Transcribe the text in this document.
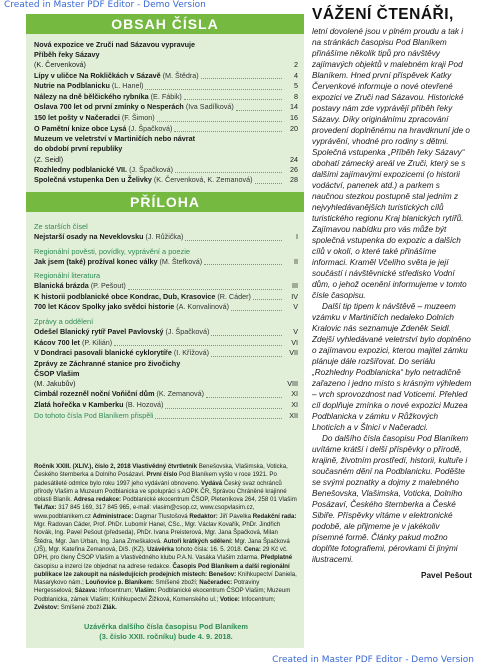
Created in Master PDF Editor - Demo Version
OBSAH ČÍSLA
Nová expozice ve Zruči nad Sázavou vypravuje
Příběh řeky Sázavy
(K. Červenková)	2
Lípy v uličce Na Rokličkách v Sázavě (M. Štědra)	4
Nutrie na Podblanicku (L. Hanel)	5
Nálezy na dně bělčického rybníka (E. Fábik)	8
Oslava 700 let od první zmínky o Nesperách (Iva Sadílková)	14
150 let pošty v Načeradci (F. Šimon)	16
O Pamětní knize obce Lysá (J. Špačková)	20
Muzeum ve veletrství v Martiničích nebo návrat
do období první republiky
(Z. Seidl)	24
Rozhledny podblanické VII. (J. Špačková)	26
Společná vstupenka Den u Želivky (K. Červenková, K. Zemanová)	28
PŘÍLOHA
Ze starších čísel
Nejstarší osady na Neveklovsku (J. Růžička)	I
Regionální pověsti, povídky, vyprávění a poezie
Jak jsem (také) prožíval konec války (M. Štefková)	II
Regionální literatura
Blanická brázda (P. Pešout)	III
K historii podblanické obce Kondrac, Dub, Krasovice (R. Cáder)	IV
700 let Kácov Spolky jako svědci historie (A. Konvalinová)	V
Zprávy a oddělení
Odešel Blanický rytíř Pavel Pavlovský (J. Špačková)	V
Kácov 700 let (P. Kilián)	VI
V Dondraci pasovali blanické cyklorytíře (I. Křížová)	VII
Zprávy ze Záchranné stanice pro živočichy
ČSOP Vlašim
(M. Jakubův)	VIII
Cimbál rozezněl noční Voňiční dům (K. Zemanová)	XI
Zlatá hořečka v Kamberku (B. Hozová)	XI
Do tohoto čísla Pod Blaníkem přispěli	XII
Ročník XXIII. (XLIV.), číslo 2, 2018 Vlastivědný čtvrtletník Benešovska, Vlašimska, Voticka, Českého šternberka a Dolního Posázaví. První číslo Pod Blaníkem vyšlo v roce 1921. Po padesátileté odmlce bylo roku 1997 jeho vydávání obnoveno. Vydává Český svaz ochránců přírody Vlašim a Muzeum Podblanicka ve spolupráci s AOPK ČR, Správou Chráněné krajinné oblasti Blaník. Adresa redakce: Podblanické ekocentrum ČSOP, Pleteníkova 264, 258 01 Vlašim Tel./fax: 317 845 169, 317 845 965, e-mail: vlasim@csop.cz, www.csopvlasim.cz, www.podblanikem.cz Administrace: Dagmar Tlustošová Redaktor: Jiří Pavelka Redakční rada: Mgr. Radovan Cáder, Prof. PhDr. Lubomír Hanel, CSc., Mgr. Václav Kovařík, PhDr. Jindřich Novák, Ing. Pavel Pešout (předseda), PhDr. Ivana Preisterová, Mgr. Jana Špačková, Milan Štědra, Mgr. Jan Urban, Ing. Jana Zmeškalová. Autoři krátkých sdělení: Mgr. Jana Špačková (JŠ), Mgr. Kateřina Zemanová, DiS. (KZ). Uzávěrka tohoto čísla: 16. 5. 2018. Cena: 29 Kč vč. DPH, pro členy ČSOP Vlašim a Vlastivědného klubu P.A.N. Vasáka Vlašim zdarma. Předplatné časopisu a inzerci lze objednat na adrese redakce. Časopis Pod Blaníkem a další regionální publikace lze zakoupit na následujících prodejních místech: Benešov: Knihkupectví Daniela, Masarykovo nám.; Louňovice p. Blaníkem: Smíšené zboží; Načeradec: Potraviny Hergesselová; Sázava: Infocentrum; Vlašim: Podblanické ekocentrum ČSOP Vlašim; Muzeum Podblanicka, zámek Vlašim; Knihkupectví Žižková, Komenského ul.; Votice: Infocentrum; Zvěstov: Smíšené zboží Zlák.
Uzávěrka dalšího čísla časopisu Pod Blaníkem
(3. číslo XXII. ročníku) bude 4. 9. 2018.
VÁŽENÍ ČTENÁŘI,

letní dovolené jsou v plném proudu a tak i na stránkách časopisu Pod Blaníkem přinášíme několik tipů pro návštěvy zajímavých objektů v malebném kraji Pod Blaníkem. Hned první příspěvek Katky Červenkové informuje o nové otevřené expozici ve Zruči nad Sázavou. Historické postavy nám zde vyprávějí příběh řeky Sázavy. Díky originálnímu zpracování provedení doplněnému na hravdknuní jde o vyprávění, vhodné pro rodiny s dětmi. Společná vstupenka „Příběh řeky Sázavy“ obohatí zámecký areál ve Zruči, který se s dalšími zajímavými expozicemi (o historii vodáctví, panenek atd.) a parkem s naučnou stezkou postupně stal jedním z nejvyhledávanějších turistických cílů turistického regionu Kraj blanických rytířů. Zajímavou nabídku pro vás může být společná vstupenka do expozic a dalších cílů v okolí, o které také přinášíme informaci. Kraměl Včelího světa je její součástí i návštěvnické středisko Vodní dům, o jehož ocenění informujeme v tomto čísle časopisu.

Další tip tipem k návštěvě – muzeem vzámku v Martiničích nedaleko Dolních Kralovic nás seznamuje Zdeněk Seidl. Zdejší vyhledávané veletrství bylo doplněno o zajímavou expozici, kterou majitel zámku plánuje dále rozšiřovat. Do seriálu „Rozhledny Podblanicka“ bylo netradičně zařazeno i jedno místo s krásným výhledem – vrch sprovozdnost nad Voticemi. Přehled cíl doplňuje zmínka o nové expozici Muzea Podblanicka v zámku v Růžkových Lhoticích a v Šlnicí v Načeradci.

Do dalšího čísla časopisu Pod Blaníkem uvítáme krátší i delší příspěvky o přírodě, krajině, životním prostředí, historii, kultuře i současném dění na Podblanicku. Poděšte se svými poznatky a dojmy z malebného Benešovska, Vlašimska, Voticka, Dolního Posázaví, Českého šternberka a České Sibiře. Příspěvky vítáme v elektronické podobě, ale přijmeme je v jakékoliv písemné formě. Články pakud možno doplňte fotografiemi, pérovkami či jinými ilustracemi.

Pavel Pešout
Created in Master PDF Editor - Demo Version
